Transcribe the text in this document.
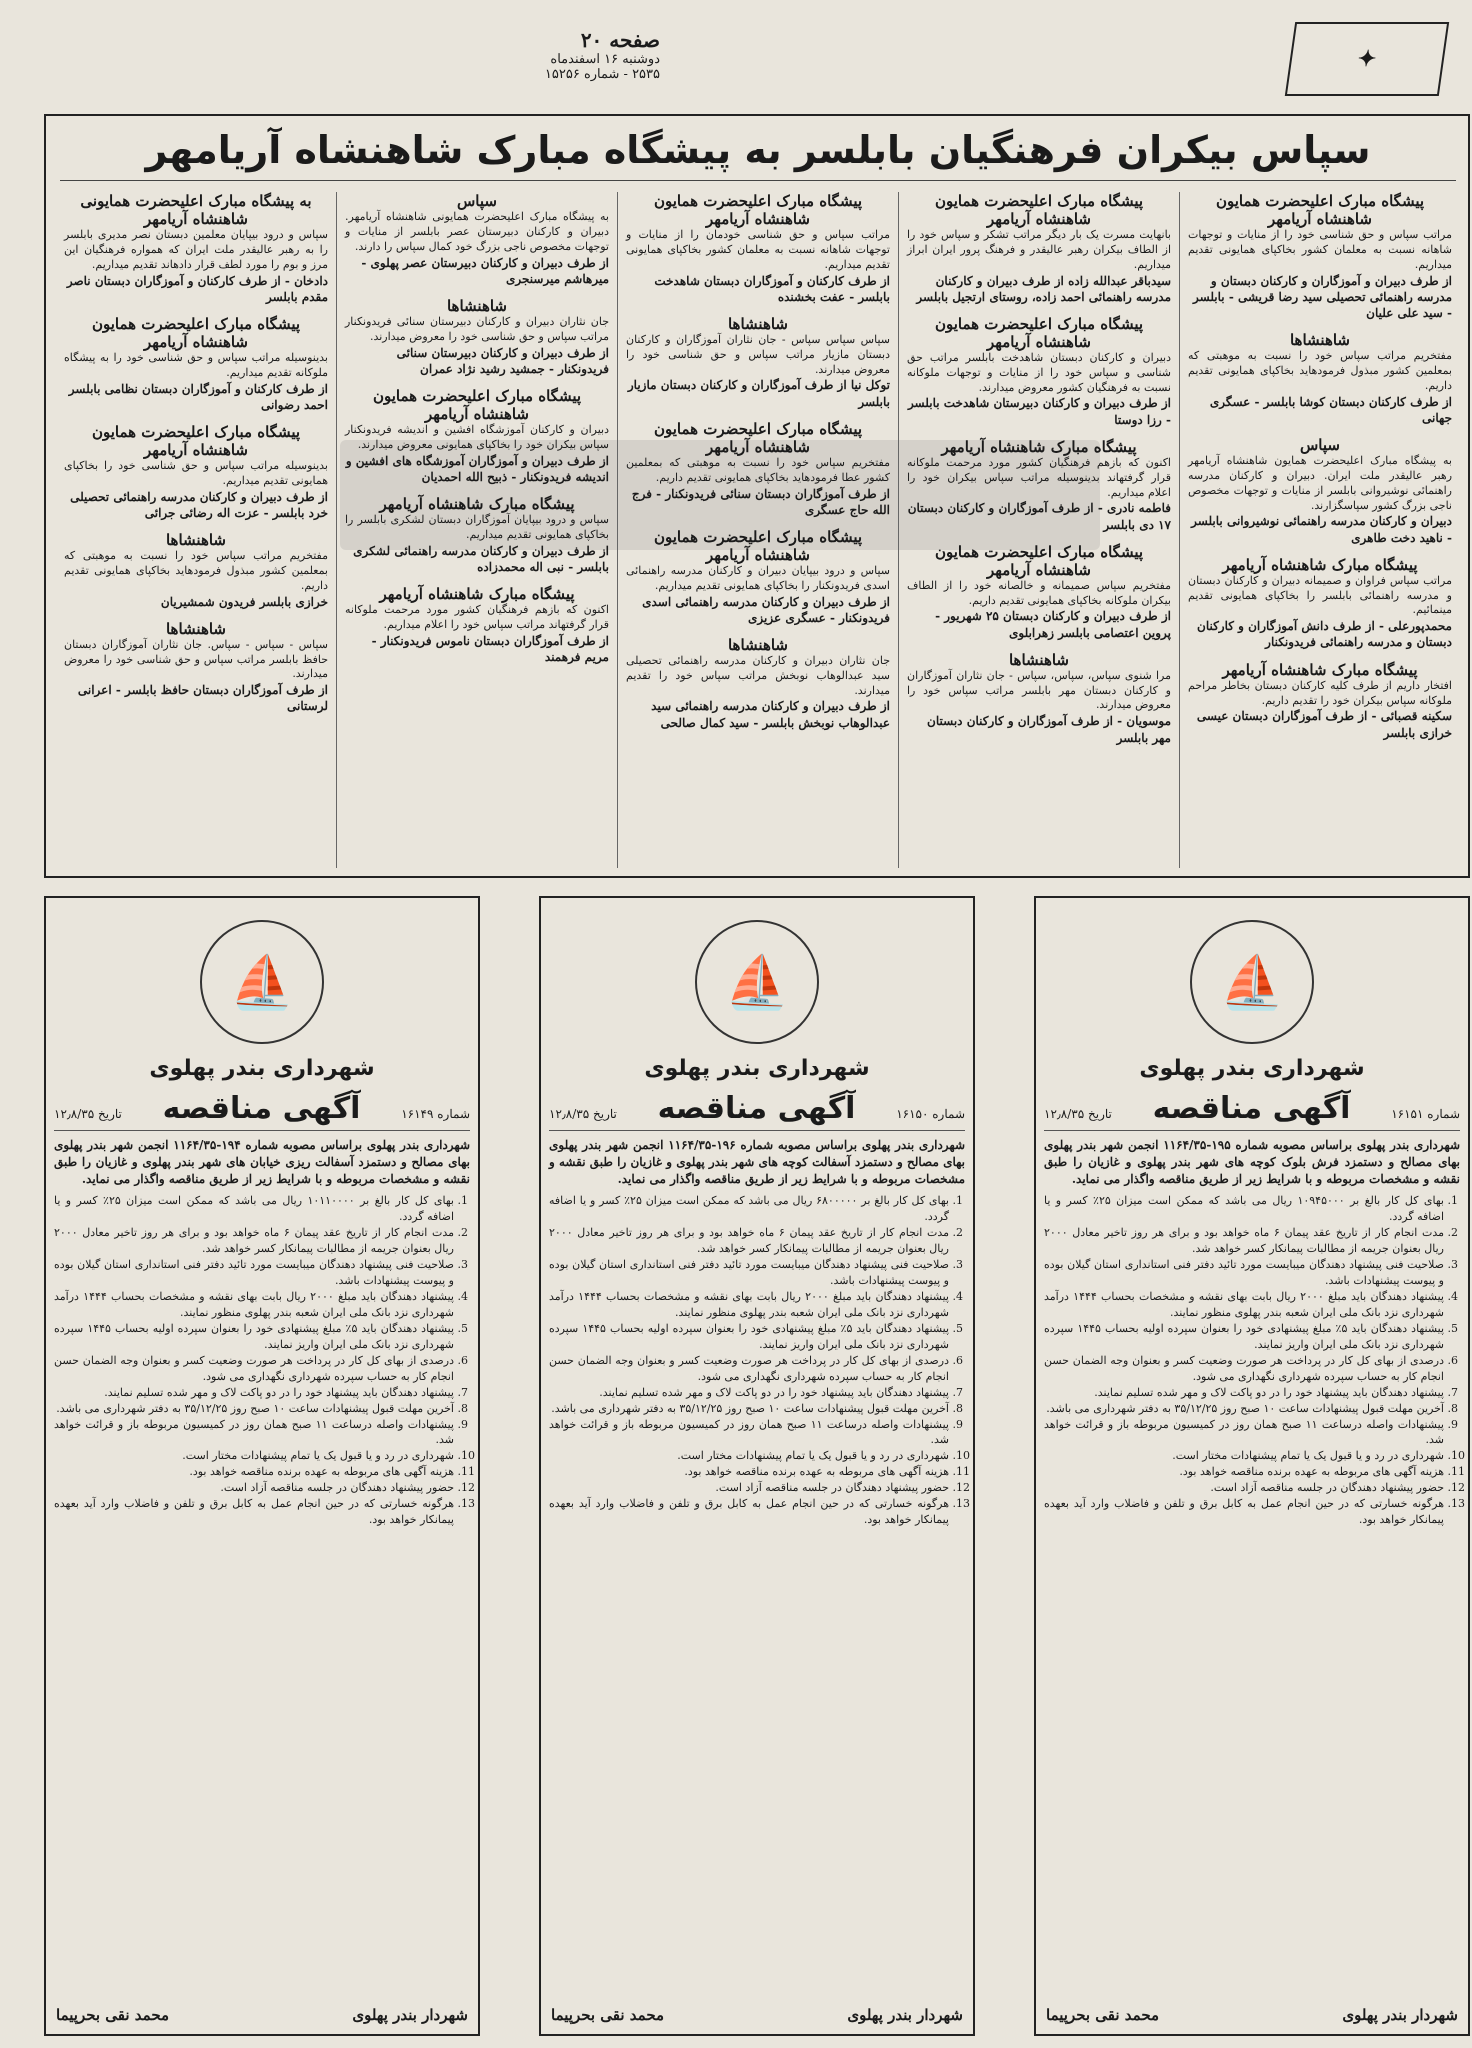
✦
صفحه ۲۰
دوشنبه ۱۶ اسفندماه
۲۵۳۵ - شماره ۱۵۲۵۶
سپاس بیکران فرهنگیان بابلسر به پیشگاه مبارک شاهنشاه آریامهر
پیشگاه مبارک اعلیحضرت همایون شاهنشاه آریامهر
مراتب سپاس و حق شناسی خود را از منایات و توجهات شاهانه نسبت به معلمان کشور بخاکپای همایونی تقدیم میداریم.
از طرف دبیران و آموزگاران و کارکنان دبستان و مدرسه راهنمائی تحصیلی سید رضا قریشی - بابلسر - سید علی علیان
شاهنشاها
مفتخریم مراتب سپاس خود را نسبت به موهبتی که بمعلمین کشور مبذول فرمودهاید بخاکپای همایونی تقدیم داریم.
از طرف کارکنان دبستان کوشا بابلسر - عسگری جهانی
سپاس
به پیشگاه مبارک اعلیحضرت همایون شاهنشاه آریامهر رهبر عالیقدر ملت ایران. دبیران و کارکنان مدرسه راهنمائی نوشیروانی بابلسر از منایات و توجهات مخصوص ناجی بزرگ کشور سپاسگزارند.
دبیران و کارکنان مدرسه راهنمائی نوشیروانی بابلسر - ناهید دخت طاهری
پیشگاه مبارک شاهنشاه آریامهر
مراتب سپاس فراوان و صمیمانه دبیران و کارکنان دبستان و مدرسه راهنمائی بابلسر را بخاکپای همایونی تقدیم مینمائیم.
محمدپورعلی - از طرف دانش آموزگاران و کارکنان دبستان و مدرسه راهنمائی فریدونکنار
پیشگاه مبارک شاهنشاه آریامهر
افتخار داریم از طرف کلیه کارکنان دبستان بخاطر مراحم ملوکانه سپاس بیکران خود را تقدیم داریم.
سکینه قصبائی - از طرف آموزگاران دبستان عیسی خرازی بابلسر
پیشگاه مبارک اعلیحضرت همایون شاهنشاه آریامهر
بانهایت مسرت یک بار دیگر مراتب تشکر و سپاس خود را از الطاف بیکران رهبر عالیقدر و فرهنگ پرور ایران ابراز میداریم.
سیدباقر عبدالله زاده از طرف دبیران و کارکنان مدرسه راهنمائی احمد زاده، روستای ارتجیل بابلسر
پیشگاه مبارک اعلیحضرت همایون شاهنشاه آریامهر
دبیران و کارکنان دبستان شاهدخت بابلسر مراتب حق شناسی و سپاس خود را از منایات و توجهات ملوکانه نسبت به فرهنگیان کشور معروض میدارند.
از طرف دبیران و کارکنان دبیرستان شاهدخت بابلسر - رزا دوستا
پیشگاه مبارک شاهنشاه آریامهر
اکنون که بازهم فرهنگیان کشور مورد مرحمت ملوکانه قرار گرفتهاند بدینوسیله مراتب سپاس بیکران خود را اعلام میداریم.
فاطمه نادری - از طرف آموزگاران و کارکنان دبستان ۱۷ دی بابلسر
پیشگاه مبارک اعلیحضرت همایون شاهنشاه آریامهر
مفتخریم سپاس صمیمانه و خالصانه خود را از الطاف بیکران ملوکانه بخاکپای همایونی تقدیم داریم.
از طرف دبیران و کارکنان دبستان ۲۵ شهریور - پروین اعتصامی بابلسر زهرابلوی
شاهنشاها
مرا شنوی سپاس، سپاس، سپاس - جان نثاران آموزگاران و کارکنان دبستان مهر بابلسر مراتب سپاس خود را معروض میدارند.
موسویان - از طرف آموزگاران و کارکنان دبستان مهر بابلسر
پیشگاه مبارک اعلیحضرت همایون شاهنشاه آریامهر
مراتب سپاس و حق شناسی خودمان را از منایات و توجهات شاهانه نسبت به معلمان کشور بخاکپای همایونی تقدیم میداریم.
از طرف کارکنان و آموزگاران دبستان شاهدخت بابلسر - عفت بخشنده
شاهنشاها
سپاس سپاس سپاس - جان نثاران آموزگاران و کارکنان دبستان مازیار مراتب سپاس و حق شناسی خود را معروض میدارند.
توکل نیا از طرف آموزگاران و کارکنان دبستان مازیار بابلسر
پیشگاه مبارک اعلیحضرت همایون شاهنشاه آریامهر
مفتخریم سپاس خود را نسبت به موهبتی که بمعلمین کشور عطا فرمودهاید بخاکپای همایونی تقدیم داریم.
از طرف آموزگاران دبستان سنائی فریدونکنار - فرج الله حاج عسگری
پیشگاه مبارک اعلیحضرت همایون شاهنشاه آریامهر
سپاس و درود بیپایان دبیران و کارکنان مدرسه راهنمائی اسدی فریدونکنار را بخاکپای همایونی تقدیم میداریم.
از طرف دبیران و کارکنان مدرسه راهنمائی اسدی فریدونکنار - عسگری عزیزی
شاهنشاها
جان نثاران دبیران و کارکنان مدرسه راهنمائی تحصیلی سید عبدالوهاب نوبخش مراتب سپاس خود را تقدیم میدارند.
از طرف دبیران و کارکنان مدرسه راهنمائی سید عبدالوهاب نوبخش بابلسر - سید کمال صالحی
سپاس
به پیشگاه مبارک اعلیحضرت همایونی شاهنشاه آریامهر. دبیران و کارکنان دبیرستان عصر بابلسر از منایات و توجهات مخصوص ناجی بزرگ خود کمال سپاس را دارند.
از طرف دبیران و کارکنان دبیرستان عصر پهلوی - میرهاشم میرسنجری
شاهنشاها
جان نثاران دبیران و کارکنان دبیرستان سنائی فریدونکنار مراتب سپاس و حق شناسی خود را معروض میدارند.
از طرف دبیران و کارکنان دبیرستان سنائی فریدونکنار - جمشید رشید نژاد عمران
پیشگاه مبارک اعلیحضرت همایون شاهنشاه آریامهر
دبیران و کارکنان آموزشگاه افشین و اندیشه فریدونکنار سپاس بیکران خود را بخاکپای همایونی معروض میدارند.
از طرف دبیران و آموزگاران آموزشگاه های افشین و اندیشه فریدونکنار - ذبیح الله احمدیان
پیشگاه مبارک شاهنشاه آریامهر
سپاس و درود بیپایان آموزگاران دبستان لشکری بابلسر را بخاکپای همایونی تقدیم میداریم.
از طرف دبیران و کارکنان مدرسه راهنمائی لشکری بابلسر - نبی اله محمدزاده
پیشگاه مبارک شاهنشاه آریامهر
اکنون که بازهم فرهنگیان کشور مورد مرحمت ملوکانه قرار گرفتهاند مراتب سپاس خود را اعلام میداریم.
از طرف آموزگاران دبستان ناموس فریدونکنار - مریم فرهمند
به پیشگاه مبارک اعلیحضرت همایونی شاهنشاه آریامهر
سپاس و درود بیپایان معلمین دبستان نصر مدیری بابلسر را به رهبر عالیقدر ملت ایران که همواره فرهنگیان این مرز و بوم را مورد لطف قرار دادهاند تقدیم میداریم.
دادخان - از طرف کارکنان و آموزگاران دبستان ناصر مقدم بابلسر
پیشگاه مبارک اعلیحضرت همایون شاهنشاه آریامهر
بدینوسیله مراتب سپاس و حق شناسی خود را به پیشگاه ملوکانه تقدیم میداریم.
از طرف کارکنان و آموزگاران دبستان نظامی بابلسر احمد رضوانی
پیشگاه مبارک اعلیحضرت همایون شاهنشاه آریامهر
بدینوسیله مراتب سپاس و حق شناسی خود را بخاکپای همایونی تقدیم میداریم.
از طرف دبیران و کارکنان مدرسه راهنمائی تحصیلی خرد بابلسر - عزت اله رضائی جرائی
شاهنشاها
مفتخریم مراتب سپاس خود را نسبت به موهبتی که بمعلمین کشور مبذول فرمودهاید بخاکپای همایونی تقدیم داریم.
خرازی بابلسر فریدون شمشیریان
شاهنشاها
سپاس - سپاس - سپاس. جان نثاران آموزگاران دبستان حافظ بابلسر مراتب سپاس و حق شناسی خود را معروض میدارند.
از طرف آموزگاران دبستان حافظ بابلسر - اعرانی لرستانی
⛵
شهرداری بندر پهلوی
شماره ۱۶۱۵۱
آگهی مناقصه
تاریخ ۱۲٫۸/۳۵
شهرداری بندر پهلوی براساس مصوبه شماره ۱۹۵-۱۱۶۴/۳۵ انجمن شهر بندر پهلوی بهای مصالح و دستمزد فرش بلوک کوچه های شهر بندر پهلوی و غازیان را طبق نقشه و مشخصات مربوطه و با شرایط زیر از طریق مناقصه واگذار می نماید.
1. بهای کل کار بالغ بر ۱۰۹۴۵۰۰۰ ریال می باشد که ممکن است میزان ۲۵٪ کسر و یا اضافه گردد.
2. مدت انجام کار از تاریخ عقد پیمان ۶ ماه خواهد بود و برای هر روز تاخیر معادل ۲۰۰۰ ریال بعنوان جریمه از مطالبات پیمانکار کسر خواهد شد.
3. صلاحیت فنی پیشنهاد دهندگان میبایست مورد تائید دفتر فنی استانداری استان گیلان بوده و پیوست پیشنهادات باشد.
4. پیشنهاد دهندگان باید مبلغ ۲۰۰۰ ریال بابت بهای نقشه و مشخصات بحساب ۱۴۴۴ درآمد شهرداری نزد بانک ملی ایران شعبه بندر پهلوی منظور نمایند.
5. پیشنهاد دهندگان باید ۵٪ مبلغ پیشنهادی خود را بعنوان سپرده اولیه بحساب ۱۴۴۵ سپرده شهرداری نزد بانک ملی ایران واریز نمایند.
6. درصدی از بهای کل کار در پرداخت هر صورت وضعیت کسر و بعنوان وجه الضمان حسن انجام کار به حساب سپرده شهرداری نگهداری می شود.
7. پیشنهاد دهندگان باید پیشنهاد خود را در دو پاکت لاک و مهر شده تسلیم نمایند.
8. آخرین مهلت قبول پیشنهادات ساعت ۱۰ صبح روز ۳۵/۱۲/۲۵ به دفتر شهرداری می باشد.
9. پیشنهادات واصله درساعت ۱۱ صبح همان روز در کمیسیون مربوطه باز و قرائت خواهد شد.
10. شهرداری در رد و یا قبول یک یا تمام پیشنهادات مختار است.
11. هزینه آگهی های مربوطه به عهده برنده مناقصه خواهد بود.
12. حضور پیشنهاد دهندگان در جلسه مناقصه آزاد است.
13. هرگونه خسارتی که در حین انجام عمل به کابل برق و تلفن و فاضلاب وارد آید بعهده پیمانکار خواهد بود.
شهردار بندر پهلوی
محمد نقی بحرپیما
⛵
شهرداری بندر پهلوی
شماره ۱۶۱۵۰
آگهی مناقصه
تاریخ ۱۲٫۸/۳۵
شهرداری بندر پهلوی براساس مصوبه شماره ۱۹۶-۱۱۶۴/۳۵ انجمن شهر بندر پهلوی بهای مصالح و دستمزد آسفالت کوچه های شهر بندر پهلوی و غازیان را طبق نقشه و مشخصات مربوطه و با شرایط زیر از طریق مناقصه واگذار می نماید.
1. بهای کل کار بالغ بر ۶۸۰۰۰۰۰ ریال می باشد که ممکن است میزان ۲۵٪ کسر و یا اضافه گردد.
2. مدت انجام کار از تاریخ عقد پیمان ۶ ماه خواهد بود و برای هر روز تاخیر معادل ۲۰۰۰ ریال بعنوان جریمه از مطالبات پیمانکار کسر خواهد شد.
3. صلاحیت فنی پیشنهاد دهندگان میبایست مورد تائید دفتر فنی استانداری استان گیلان بوده و پیوست پیشنهادات باشد.
4. پیشنهاد دهندگان باید مبلغ ۲۰۰۰ ریال بابت بهای نقشه و مشخصات بحساب ۱۴۴۴ درآمد شهرداری نزد بانک ملی ایران شعبه بندر پهلوی منظور نمایند.
5. پیشنهاد دهندگان باید ۵٪ مبلغ پیشنهادی خود را بعنوان سپرده اولیه بحساب ۱۴۴۵ سپرده شهرداری نزد بانک ملی ایران واریز نمایند.
6. درصدی از بهای کل کار در پرداخت هر صورت وضعیت کسر و بعنوان وجه الضمان حسن انجام کار به حساب سپرده شهرداری نگهداری می شود.
7. پیشنهاد دهندگان باید پیشنهاد خود را در دو پاکت لاک و مهر شده تسلیم نمایند.
8. آخرین مهلت قبول پیشنهادات ساعت ۱۰ صبح روز ۳۵/۱۲/۲۵ به دفتر شهرداری می باشد.
9. پیشنهادات واصله درساعت ۱۱ صبح همان روز در کمیسیون مربوطه باز و قرائت خواهد شد.
10. شهرداری در رد و یا قبول یک یا تمام پیشنهادات مختار است.
11. هزینه آگهی های مربوطه به عهده برنده مناقصه خواهد بود.
12. حضور پیشنهاد دهندگان در جلسه مناقصه آزاد است.
13. هرگونه خسارتی که در حین انجام عمل به کابل برق و تلفن و فاضلاب وارد آید بعهده پیمانکار خواهد بود.
شهردار بندر پهلوی
محمد نقی بحرپیما
⛵
شهرداری بندر پهلوی
شماره ۱۶۱۴۹
آگهی مناقصه
تاریخ ۱۲٫۸/۳۵
شهرداری بندر پهلوی براساس مصوبه شماره ۱۹۴-۱۱۶۴/۳۵ انجمن شهر بندر پهلوی بهای مصالح و دستمزد آسفالت ریزی خیابان های شهر بندر پهلوی و غازیان را طبق نقشه و مشخصات مربوطه و با شرایط زیر از طریق مناقصه واگذار می نماید.
1. بهای کل کار بالغ بر ۱۰۱۱۰۰۰۰ ریال می باشد که ممکن است میزان ۲۵٪ کسر و یا اضافه گردد.
2. مدت انجام کار از تاریخ عقد پیمان ۶ ماه خواهد بود و برای هر روز تاخیر معادل ۲۰۰۰ ریال بعنوان جریمه از مطالبات پیمانکار کسر خواهد شد.
3. صلاحیت فنی پیشنهاد دهندگان میبایست مورد تائید دفتر فنی استانداری استان گیلان بوده و پیوست پیشنهادات باشد.
4. پیشنهاد دهندگان باید مبلغ ۲۰۰۰ ریال بابت بهای نقشه و مشخصات بحساب ۱۴۴۴ درآمد شهرداری نزد بانک ملی ایران شعبه بندر پهلوی منظور نمایند.
5. پیشنهاد دهندگان باید ۵٪ مبلغ پیشنهادی خود را بعنوان سپرده اولیه بحساب ۱۴۴۵ سپرده شهرداری نزد بانک ملی ایران واریز نمایند.
6. درصدی از بهای کل کار در پرداخت هر صورت وضعیت کسر و بعنوان وجه الضمان حسن انجام کار به حساب سپرده شهرداری نگهداری می شود.
7. پیشنهاد دهندگان باید پیشنهاد خود را در دو پاکت لاک و مهر شده تسلیم نمایند.
8. آخرین مهلت قبول پیشنهادات ساعت ۱۰ صبح روز ۳۵/۱۲/۲۵ به دفتر شهرداری می باشد.
9. پیشنهادات واصله درساعت ۱۱ صبح همان روز در کمیسیون مربوطه باز و قرائت خواهد شد.
10. شهرداری در رد و یا قبول یک یا تمام پیشنهادات مختار است.
11. هزینه آگهی های مربوطه به عهده برنده مناقصه خواهد بود.
12. حضور پیشنهاد دهندگان در جلسه مناقصه آزاد است.
13. هرگونه خسارتی که در حین انجام عمل به کابل برق و تلفن و فاضلاب وارد آید بعهده پیمانکار خواهد بود.
شهردار بندر پهلوی
محمد نقی بحرپیما
